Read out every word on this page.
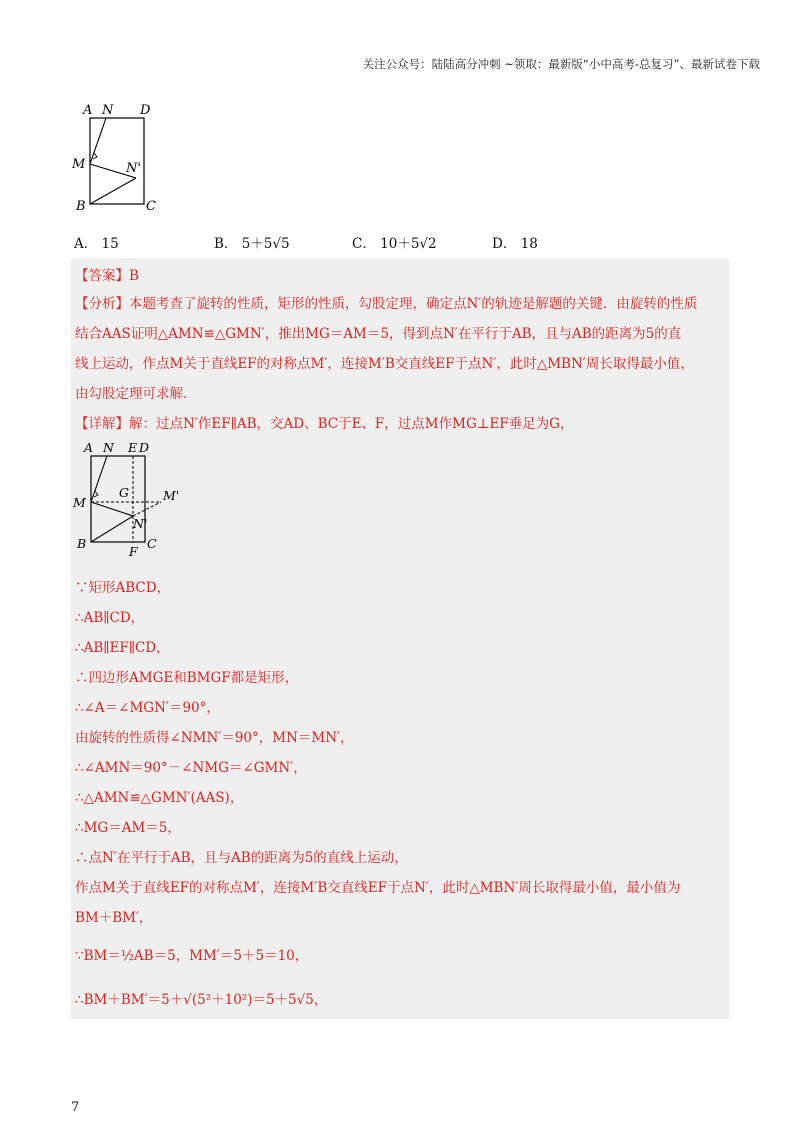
关注公众号：陆陆高分冲刺 ~领取：最新版“小中高考-总复习”、最新试卷下载
A N D
M	N'
B	C
A． 15	B． 5＋5√5	C． 10＋5√2	D． 18
【答案】B
【分析】本题考查了旋转的性质，矩形的性质，勾股定理，确定点N′的轨迹是解题的关键．由旋转的性质
结合AAS证明△AMN≌△GMN′，推出MG＝AM＝5，得到点N′在平行于AB，且与AB的距离为5的直
线上运动，作点M关于直线EF的对称点M′，连接M′B交直线EF于点N′，此时△MBN′周长取得最小值，
由勾股定理可求解．
【详解】解：过点N′作EF∥AB，交AD、BC于E、F，过点M作MG⊥EF垂足为G，
A N E D
G
M	M'
N'
B
F
C
∵矩形ABCD，
∴AB∥CD，
∴AB∥EF∥CD，
∴四边形AMGE和BMGF都是矩形，
∴∠A＝∠MGN′＝90°，
由旋转的性质得∠NMN′＝90°，MN＝MN′，
∴∠AMN＝90°－∠NMG＝∠GMN′，
∴△AMN≌△GMN′(AAS)，
∴MG＝AM＝5，
∴点N′在平行于AB，且与AB的距离为5的直线上运动，
作点M关于直线EF的对称点M′，连接M′B交直线EF于点N′，此时△MBN′周长取得最小值，最小值为
BM＋BM′，
∵BM＝½AB＝5，MM′＝5＋5＝10，
∴BM＋BM′＝5＋√(5²＋10²)＝5＋5√5，
7
